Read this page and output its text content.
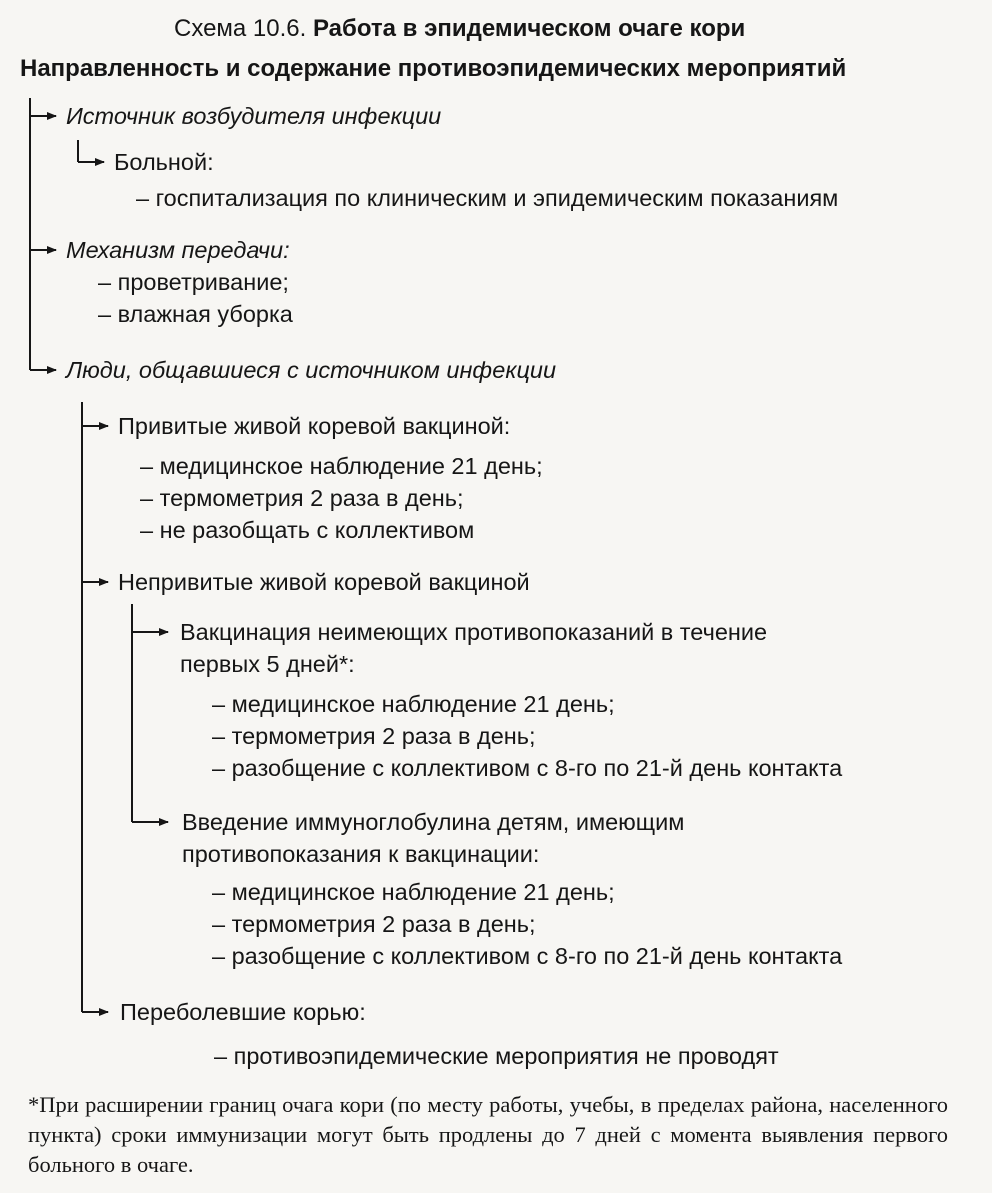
Схема 10.6. Работа в эпидемическом очаге кори
Направленность и содержание противоэпидемических мероприятий
Источник возбудителя инфекции
Больной:
– госпитализация по клиническим и эпидемическим показаниям
Механизм передачи:
– проветривание;
– влажная уборка
Люди, общавшиеся с источником инфекции
Привитые живой коревой вакциной:
– медицинское наблюдение 21 день;
– термометрия 2 раза в день;
– не разобщать с коллективом
Непривитые живой коревой вакциной
Вакцинация неимеющих противопоказаний в течение
первых 5 дней*:
– медицинское наблюдение 21 день;
– термометрия 2 раза в день;
– разобщение с коллективом с 8-го по 21-й день контакта
Введение иммуноглобулина детям, имеющим
противопоказания к вакцинации:
– медицинское наблюдение 21 день;
– термометрия 2 раза в день;
– разобщение с коллективом с 8-го по 21-й день контакта
Переболевшие корью:
– противоэпидемические мероприятия не проводят
*При расширении границ очага кори (по месту работы, учебы, в пределах района, населенного пункта) сроки иммунизации могут быть продлены до 7 дней с момента выявления первого больного в очаге.
